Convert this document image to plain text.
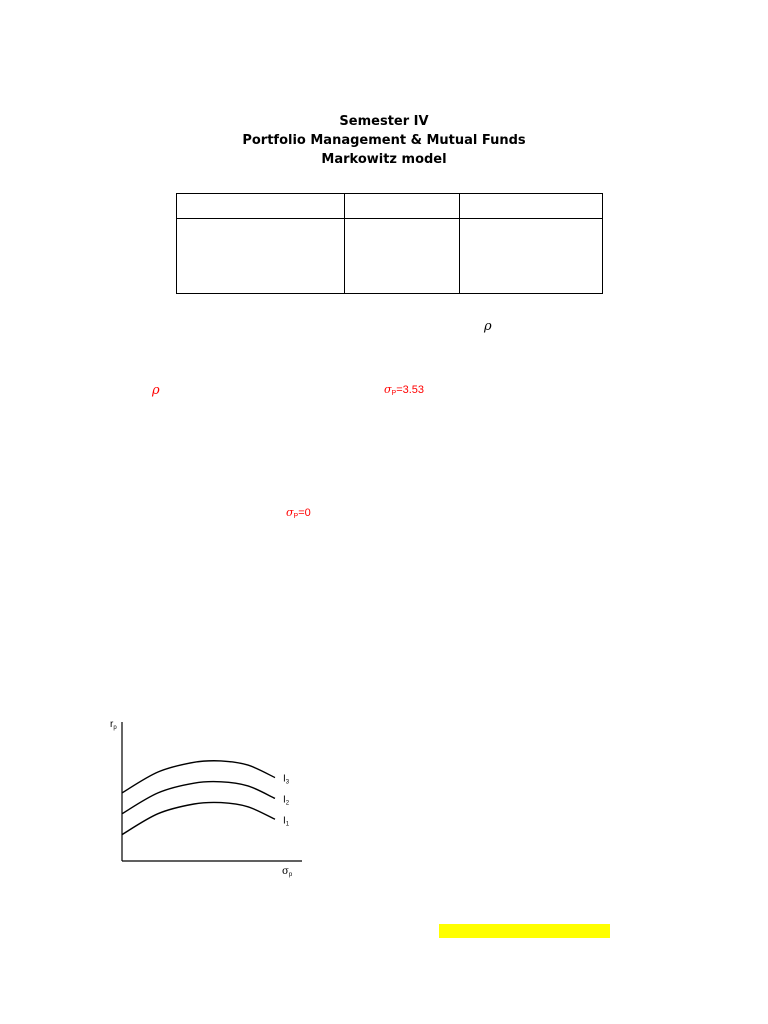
Semester IV
Portfolio Management & Mutual Funds
Markowitz model

ρ
ρ	$\sigma_P=3.53$
$\sigma_P=0$
$r_p$
$\sigma_p$
$I_3$
$I_2$
$I_1$
